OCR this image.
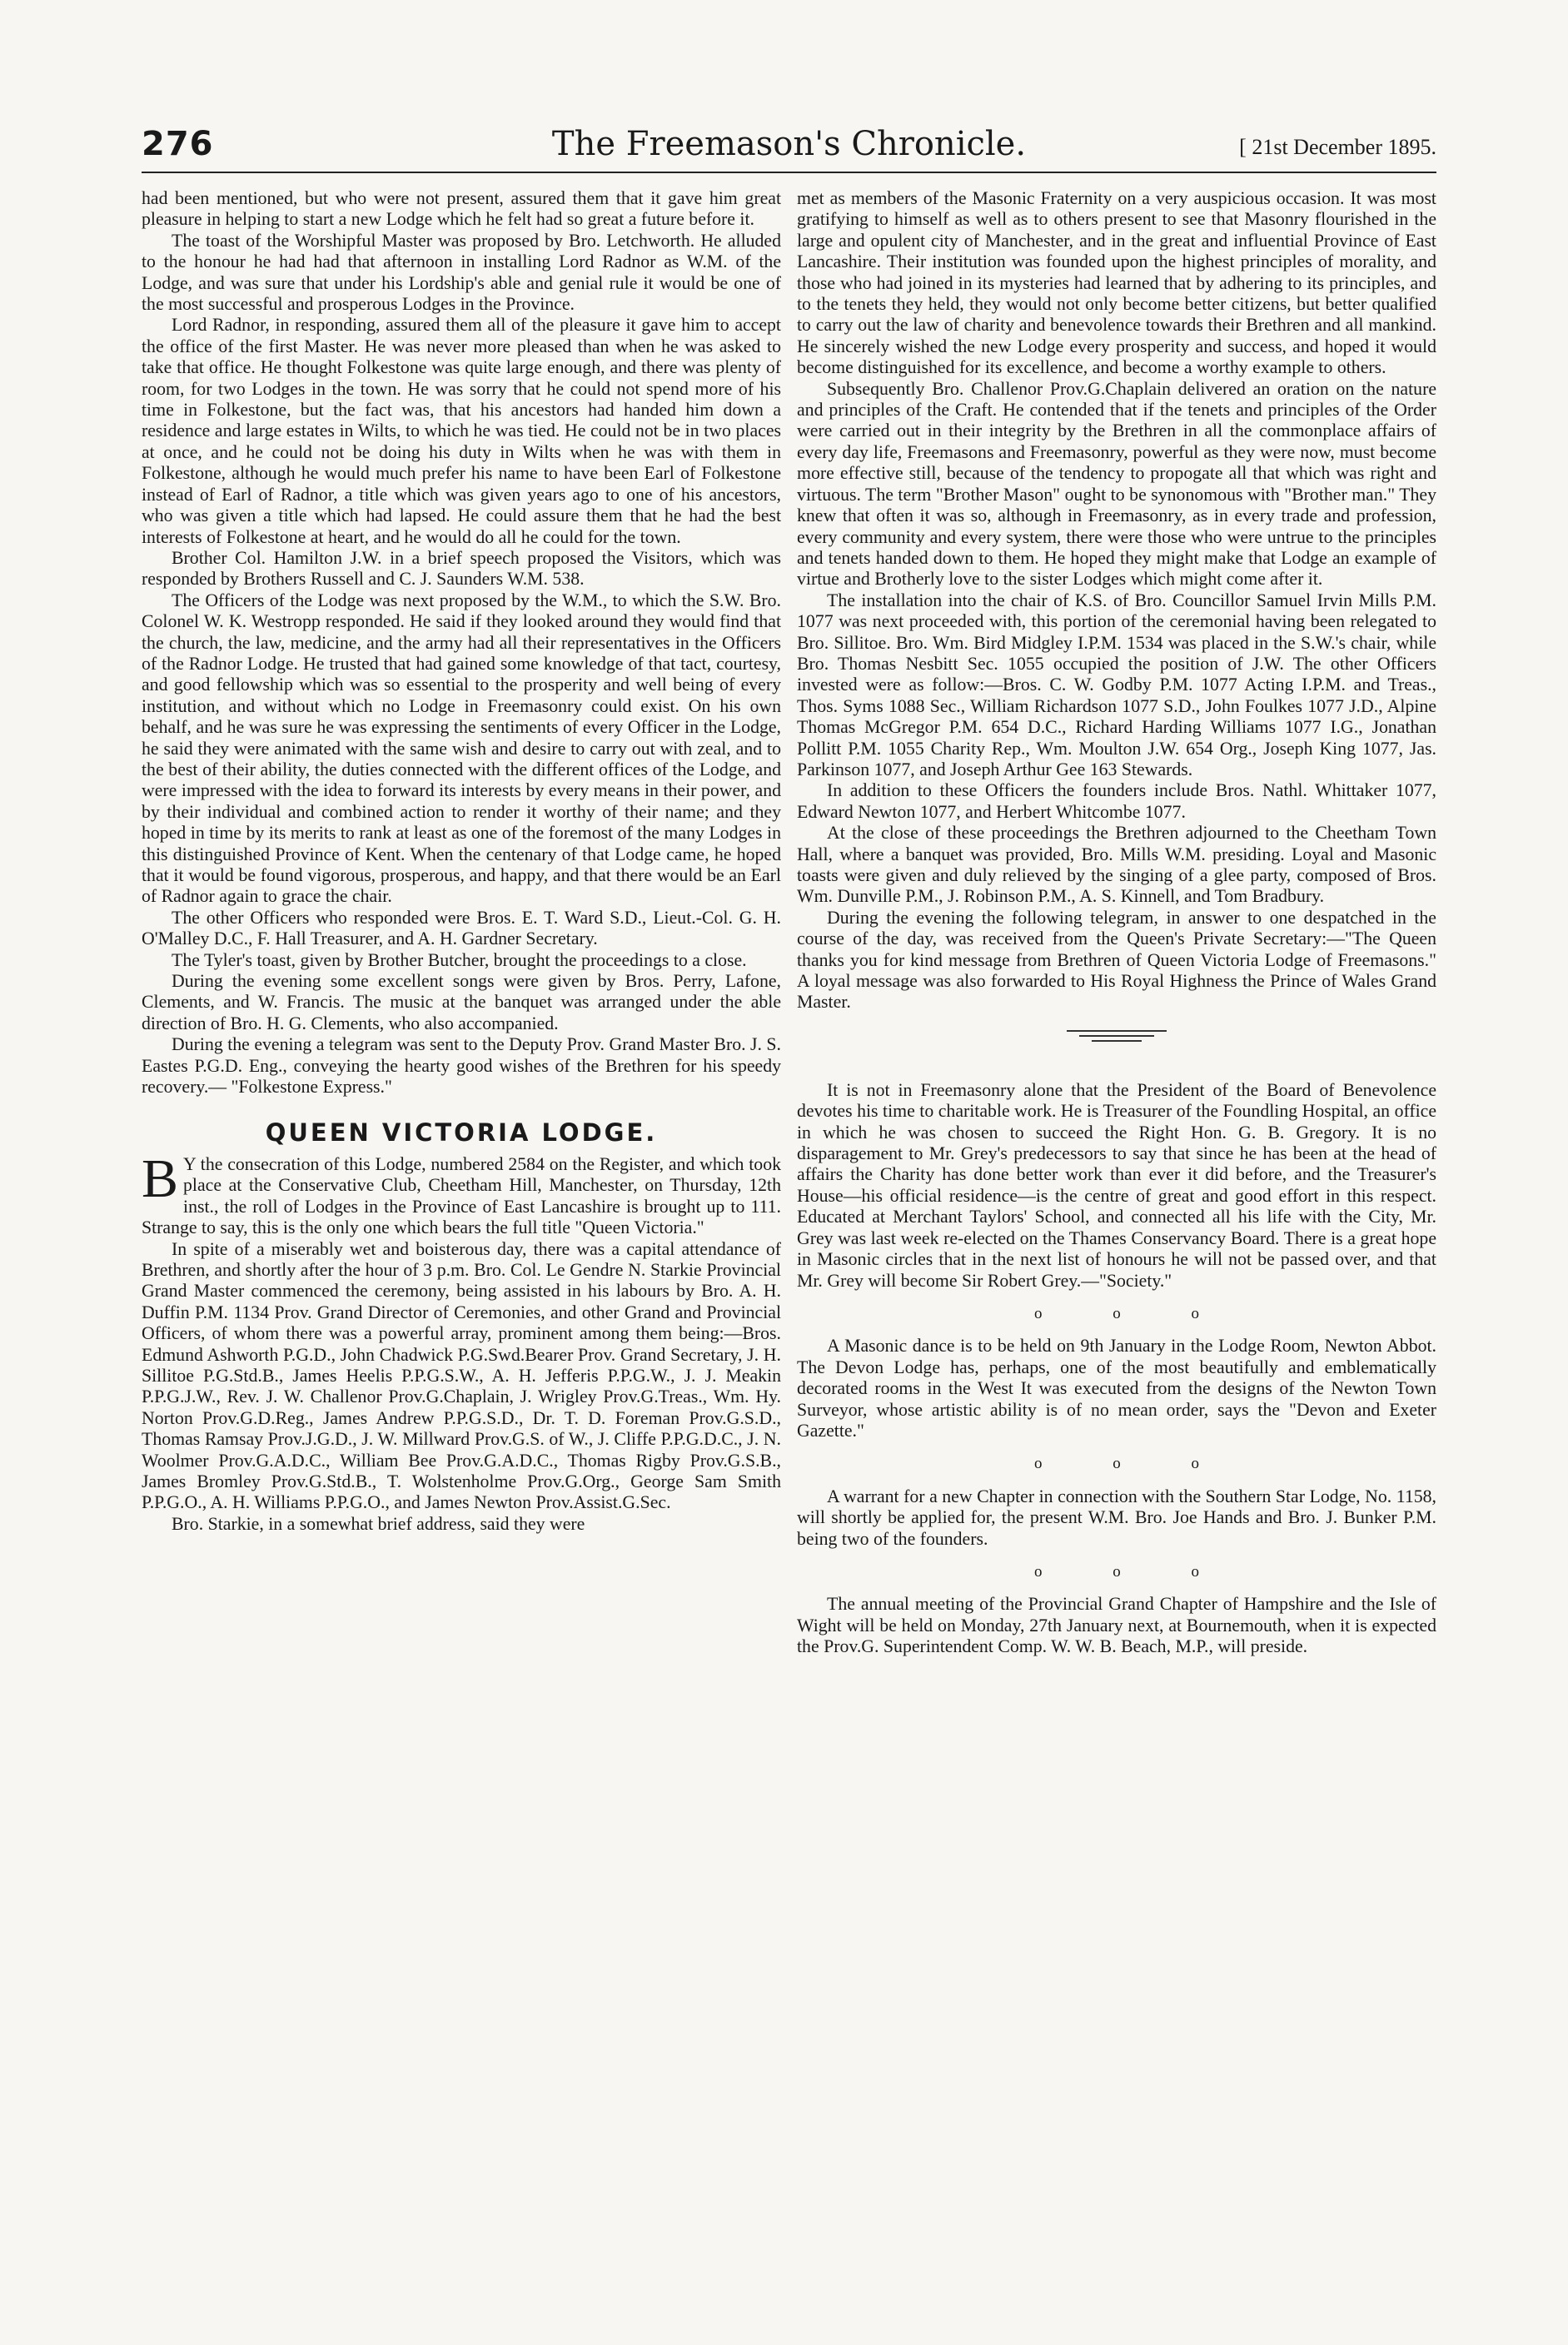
276	The Freemason's Chronicle.	[ 21st December 1895.

had been mentioned, but who were not present, assured them that it gave him great pleasure in helping to start a new Lodge which he felt had so great a future before it.

The toast of the Worshipful Master was proposed by Bro. Letchworth. He alluded to the honour he had had that afternoon in installing Lord Radnor as W.M. of the Lodge, and was sure that under his Lordship's able and genial rule it would be one of the most successful and prosperous Lodges in the Province.

Lord Radnor, in responding, assured them all of the pleasure it gave him to accept the office of the first Master. He was never more pleased than when he was asked to take that office. He thought Folkestone was quite large enough, and there was plenty of room, for two Lodges in the town. He was sorry that he could not spend more of his time in Folkestone, but the fact was, that his ancestors had handed him down a residence and large estates in Wilts, to which he was tied. He could not be in two places at once, and he could not be doing his duty in Wilts when he was with them in Folkestone, although he would much prefer his name to have been Earl of Folkestone instead of Earl of Radnor, a title which was given years ago to one of his ancestors, who was given a title which had lapsed. He could assure them that he had the best interests of Folkestone at heart, and he would do all he could for the town.

Brother Col. Hamilton J.W. in a brief speech proposed the Visitors, which was responded by Brothers Russell and C. J. Saunders W.M. 538.

The Officers of the Lodge was next proposed by the W.M., to which the S.W. Bro. Colonel W. K. Westropp responded. He said if they looked around they would find that the church, the law, medicine, and the army had all their representatives in the Officers of the Radnor Lodge. He trusted that had gained some knowledge of that tact, courtesy, and good fellowship which was so essential to the prosperity and well being of every institution, and without which no Lodge in Freemasonry could exist. On his own behalf, and he was sure he was expressing the sentiments of every Officer in the Lodge, he said they were animated with the same wish and desire to carry out with zeal, and to the best of their ability, the duties connected with the different offices of the Lodge, and were impressed with the idea to forward its interests by every means in their power, and by their individual and combined action to render it worthy of their name; and they hoped in time by its merits to rank at least as one of the foremost of the many Lodges in this distinguished Province of Kent. When the centenary of that Lodge came, he hoped that it would be found vigorous, prosperous, and happy, and that there would be an Earl of Radnor again to grace the chair.

The other Officers who responded were Bros. E. T. Ward S.D., Lieut.-Col. G. H. O'Malley D.C., F. Hall Treasurer, and A. H. Gardner Secretary.

The Tyler's toast, given by Brother Butcher, brought the proceedings to a close.

During the evening some excellent songs were given by Bros. Perry, Lafone, Clements, and W. Francis. The music at the banquet was arranged under the able direction of Bro. H. G. Clements, who also accompanied.

During the evening a telegram was sent to the Deputy Prov. Grand Master Bro. J. S. Eastes P.G.D. Eng., conveying the hearty good wishes of the Brethren for his speedy recovery.— "Folkestone Express."

QUEEN VICTORIA LODGE.

B Y the consecration of this Lodge, numbered 2584 on the Register, and which took place at the Conservative Club, Cheetham Hill, Manchester, on Thursday, 12th inst., the roll of Lodges in the Province of East Lancashire is brought up to 111. Strange to say, this is the only one which bears the full title "Queen Victoria."

In spite of a miserably wet and boisterous day, there was a capital attendance of Brethren, and shortly after the hour of 3 p.m. Bro. Col. Le Gendre N. Starkie Provincial Grand Master commenced the ceremony, being assisted in his labours by Bro. A. H. Duffin P.M. 1134 Prov. Grand Director of Ceremonies, and other Grand and Provincial Officers, of whom there was a powerful array, prominent among them being:—Bros. Edmund Ashworth P.G.D., John Chadwick P.G.Swd.Bearer Prov. Grand Secretary, J. H. Sillitoe P.G.Std.B., James Heelis P.P.G.S.W., A. H. Jefferis P.P.G.W., J. J. Meakin P.P.G.J.W., Rev. J. W. Challenor Prov.G.Chaplain, J. Wrigley Prov.G.Treas., Wm. Hy. Norton Prov.G.D.Reg., James Andrew P.P.G.S.D., Dr. T. D. Foreman Prov.G.S.D., Thomas Ramsay Prov.J.G.D., J. W. Millward Prov.G.S. of W., J. Cliffe P.P.G.D.C., J. N. Woolmer Prov.G.A.D.C., William Bee Prov.G.A.D.C., Thomas Rigby Prov.G.S.B., James Bromley Prov.G.Std.B., T. Wolstenholme Prov.G.Org., George Sam Smith P.P.G.O., A. H. Williams P.P.G.O., and James Newton Prov.Assist.G.Sec.

Bro. Starkie, in a somewhat brief address, said they were

met as members of the Masonic Fraternity on a very auspicious occasion. It was most gratifying to himself as well as to others present to see that Masonry flourished in the large and opulent city of Manchester, and in the great and influential Province of East Lancashire. Their institution was founded upon the highest principles of morality, and those who had joined in its mysteries had learned that by adhering to its principles, and to the tenets they held, they would not only become better citizens, but better qualified to carry out the law of charity and benevolence towards their Brethren and all mankind. He sincerely wished the new Lodge every prosperity and success, and hoped it would become distinguished for its excellence, and become a worthy example to others.

Subsequently Bro. Challenor Prov.G.Chaplain delivered an oration on the nature and principles of the Craft. He contended that if the tenets and principles of the Order were carried out in their integrity by the Brethren in all the commonplace affairs of every day life, Freemasons and Freemasonry, powerful as they were now, must become more effective still, because of the tendency to propogate all that which was right and virtuous. The term "Brother Mason" ought to be synonomous with "Brother man." They knew that often it was so, although in Freemasonry, as in every trade and profession, every community and every system, there were those who were untrue to the principles and tenets handed down to them. He hoped they might make that Lodge an example of virtue and Brotherly love to the sister Lodges which might come after it.

The installation into the chair of K.S. of Bro. Councillor Samuel Irvin Mills P.M. 1077 was next proceeded with, this portion of the ceremonial having been relegated to Bro. Sillitoe. Bro. Wm. Bird Midgley I.P.M. 1534 was placed in the S.W.'s chair, while Bro. Thomas Nesbitt Sec. 1055 occupied the position of J.W. The other Officers invested were as follow:—Bros. C. W. Godby P.M. 1077 Acting I.P.M. and Treas., Thos. Syms 1088 Sec., William Richardson 1077 S.D., John Foulkes 1077 J.D., Alpine Thomas McGregor P.M. 654 D.C., Richard Harding Williams 1077 I.G., Jonathan Pollitt P.M. 1055 Charity Rep., Wm. Moulton J.W. 654 Org., Joseph King 1077, Jas. Parkinson 1077, and Joseph Arthur Gee 163 Stewards.

In addition to these Officers the founders include Bros. Nathl. Whittaker 1077, Edward Newton 1077, and Herbert Whitcombe 1077.

At the close of these proceedings the Brethren adjourned to the Cheetham Town Hall, where a banquet was provided, Bro. Mills W.M. presiding. Loyal and Masonic toasts were given and duly relieved by the singing of a glee party, composed of Bros. Wm. Dunville P.M., J. Robinson P.M., A. S. Kinnell, and Tom Bradbury.

During the evening the following telegram, in answer to one despatched in the course of the day, was received from the Queen's Private Secretary:—"The Queen thanks you for kind message from Brethren of Queen Victoria Lodge of Freemasons." A loyal message was also forwarded to His Royal Highness the Prince of Wales Grand Master.

It is not in Freemasonry alone that the President of the Board of Benevolence devotes his time to charitable work. He is Treasurer of the Foundling Hospital, an office in which he was chosen to succeed the Right Hon. G. B. Gregory. It is no disparagement to Mr. Grey's predecessors to say that since he has been at the head of affairs the Charity has done better work than ever it did before, and the Treasurer's House—his official residence—is the centre of great and good effort in this respect. Educated at Merchant Taylors' School, and connected all his life with the City, Mr. Grey was last week re-elected on the Thames Conservancy Board. There is a great hope in Masonic circles that in the next list of honours he will not be passed over, and that Mr. Grey will become Sir Robert Grey.—"Society."

o o o

A Masonic dance is to be held on 9th January in the Lodge Room, Newton Abbot. The Devon Lodge has, perhaps, one of the most beautifully and emblematically decorated rooms in the West It was executed from the designs of the Newton Town Surveyor, whose artistic ability is of no mean order, says the "Devon and Exeter Gazette."

o o o

A warrant for a new Chapter in connection with the Southern Star Lodge, No. 1158, will shortly be applied for, the present W.M. Bro. Joe Hands and Bro. J. Bunker P.M. being two of the founders.

o o o

The annual meeting of the Provincial Grand Chapter of Hampshire and the Isle of Wight will be held on Monday, 27th January next, at Bournemouth, when it is expected the Prov.G. Superintendent Comp. W. W. B. Beach, M.P., will preside.
